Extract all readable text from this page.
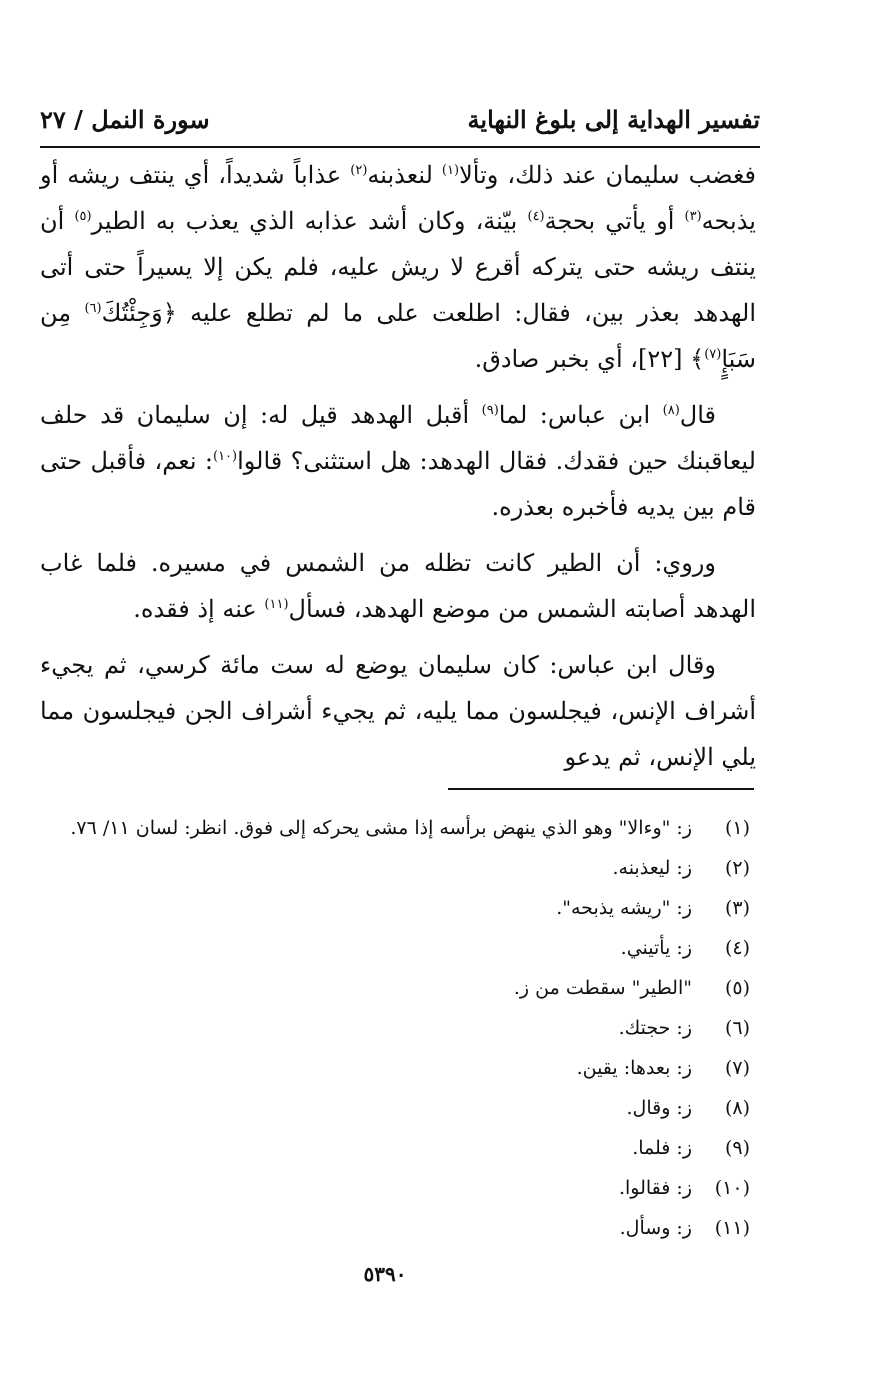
تفسير الهداية إلى بلوغ النهاية
سورة النمل / ٢٧

فغضب سليمان عند ذلك، وتألا$^{(١)}$ لنعذبنه$^{(٢)}$ عذاباً شديداً، أي ينتف ريشه أو يذبحه$^{(٣)}$ أو يأتي بحجة$^{(٤)}$ بيّنة، وكان أشد عذابه الذي يعذب به الطير$^{(٥)}$ أن ينتف ريشه حتى يتركه أقرع لا ريش عليه، فلم يكن إلا يسيراً حتى أتى الهدهد بعذر بين، فقال: اطلعت على ما لم تطلع عليه ﴿وَجِئْتُكَ$^{(٦)}$ مِن سَبَإٍ$^{(٧)}$﴾ [٢٢]، أي بخبر صادق.

قال$^{(٨)}$ ابن عباس: لما$^{(٩)}$ أقبل الهدهد قيل له: إن سليمان قد حلف ليعاقبنك حين فقدك. فقال الهدهد: هل استثنى؟ قالوا$^{(١٠)}$: نعم، فأقبل حتى قام بين يديه فأخبره بعذره.

وروي: أن الطير كانت تظله من الشمس في مسيره. فلما غاب الهدهد أصابته الشمس من موضع الهدهد، فسأل$^{(١١)}$ عنه إذ فقده.

وقال ابن عباس: كان سليمان يوضع له ست مائة كرسي، ثم يجيء أشراف الإنس، فيجلسون مما يليه، ثم يجيء أشراف الجن فيجلسون مما يلي الإنس، ثم يدعو

(١)ز: "وءالا" وهو الذي ينهض برأسه إذا مشى يحركه إلى فوق. انظر: لسان ١١/ ٧٦.
(٢)ز: ليعذبنه.
(٣)ز: "ريشه يذبحه".
(٤)ز: يأتيني.
(٥)"الطير" سقطت من ز.
(٦)ز: حجتك.
(٧)ز: بعدها: يقين.
(٨)ز: وقال.
(٩)ز: فلما.
(١٠)ز: فقالوا.
(١١)ز: وسأل.
٥٣٩٠
